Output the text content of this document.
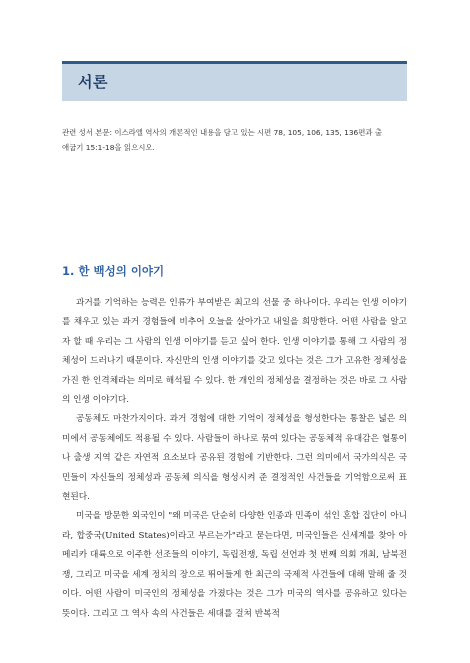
서론
관련 성서 본문: 이스라엘 역사의 개론적인 내용을 담고 있는 시편 78, 105, 106, 135, 136편과 출
애굽기 15:1-18을 읽으시오.
1. 한 백성의 이야기

과거를 기억하는 능력은 인류가 부여받은 최고의 선물 중 하나이다. 우리는 인생 이야기를 채우고 있는 과거 경험들에 비추어 오늘을 살아가고 내일을 희망한다. 어떤 사람을 알고자 할 때 우리는 그 사람의 인생 이야기를 듣고 싶어 한다. 인생 이야기를 통해 그 사람의 정체성이 드러나기 때문이다. 자신만의 인생 이야기를 갖고 있다는 것은 그가 고유한 정체성을 가진 한 인격체라는 의미로 해석될 수 있다. 한 개인의 정체성을 결정하는 것은 바로 그 사람의 인생 이야기다.

공동체도 마찬가지이다. 과거 경험에 대한 기억이 정체성을 형성한다는 통찰은 넓은 의미에서 공동체에도 적용될 수 있다. 사람들이 하나로 묶여 있다는 공동체적 유대감은 혈통이나 출생 지역 같은 자연적 요소보다 공유된 경험에 기반한다. 그런 의미에서 국가의식은 국민들이 자신들의 정체성과 공동체 의식을 형성시켜 준 결정적인 사건들을 기억함으로써 표현된다.

미국을 방문한 외국인이 "왜 미국은 단순히 다양한 인종과 민족이 섞인 혼합 집단이 아니라, 합중국(United States)이라고 부르는가"라고 묻는다면, 미국인들은 신세계를 찾아 아메리카 대륙으로 이주한 선조들의 이야기, 독립전쟁, 독립 선언과 첫 번째 의회 개최, 남북전쟁, 그리고 미국을 세계 정치의 장으로 뛰어들게 한 최근의 국제적 사건들에 대해 말해 줄 것이다. 어떤 사람이 미국인의 정체성을 가졌다는 것은 그가 미국의 역사를 공유하고 있다는 뜻이다. 그리고 그 역사 속의 사건들은 세대를 걸쳐 반복적
